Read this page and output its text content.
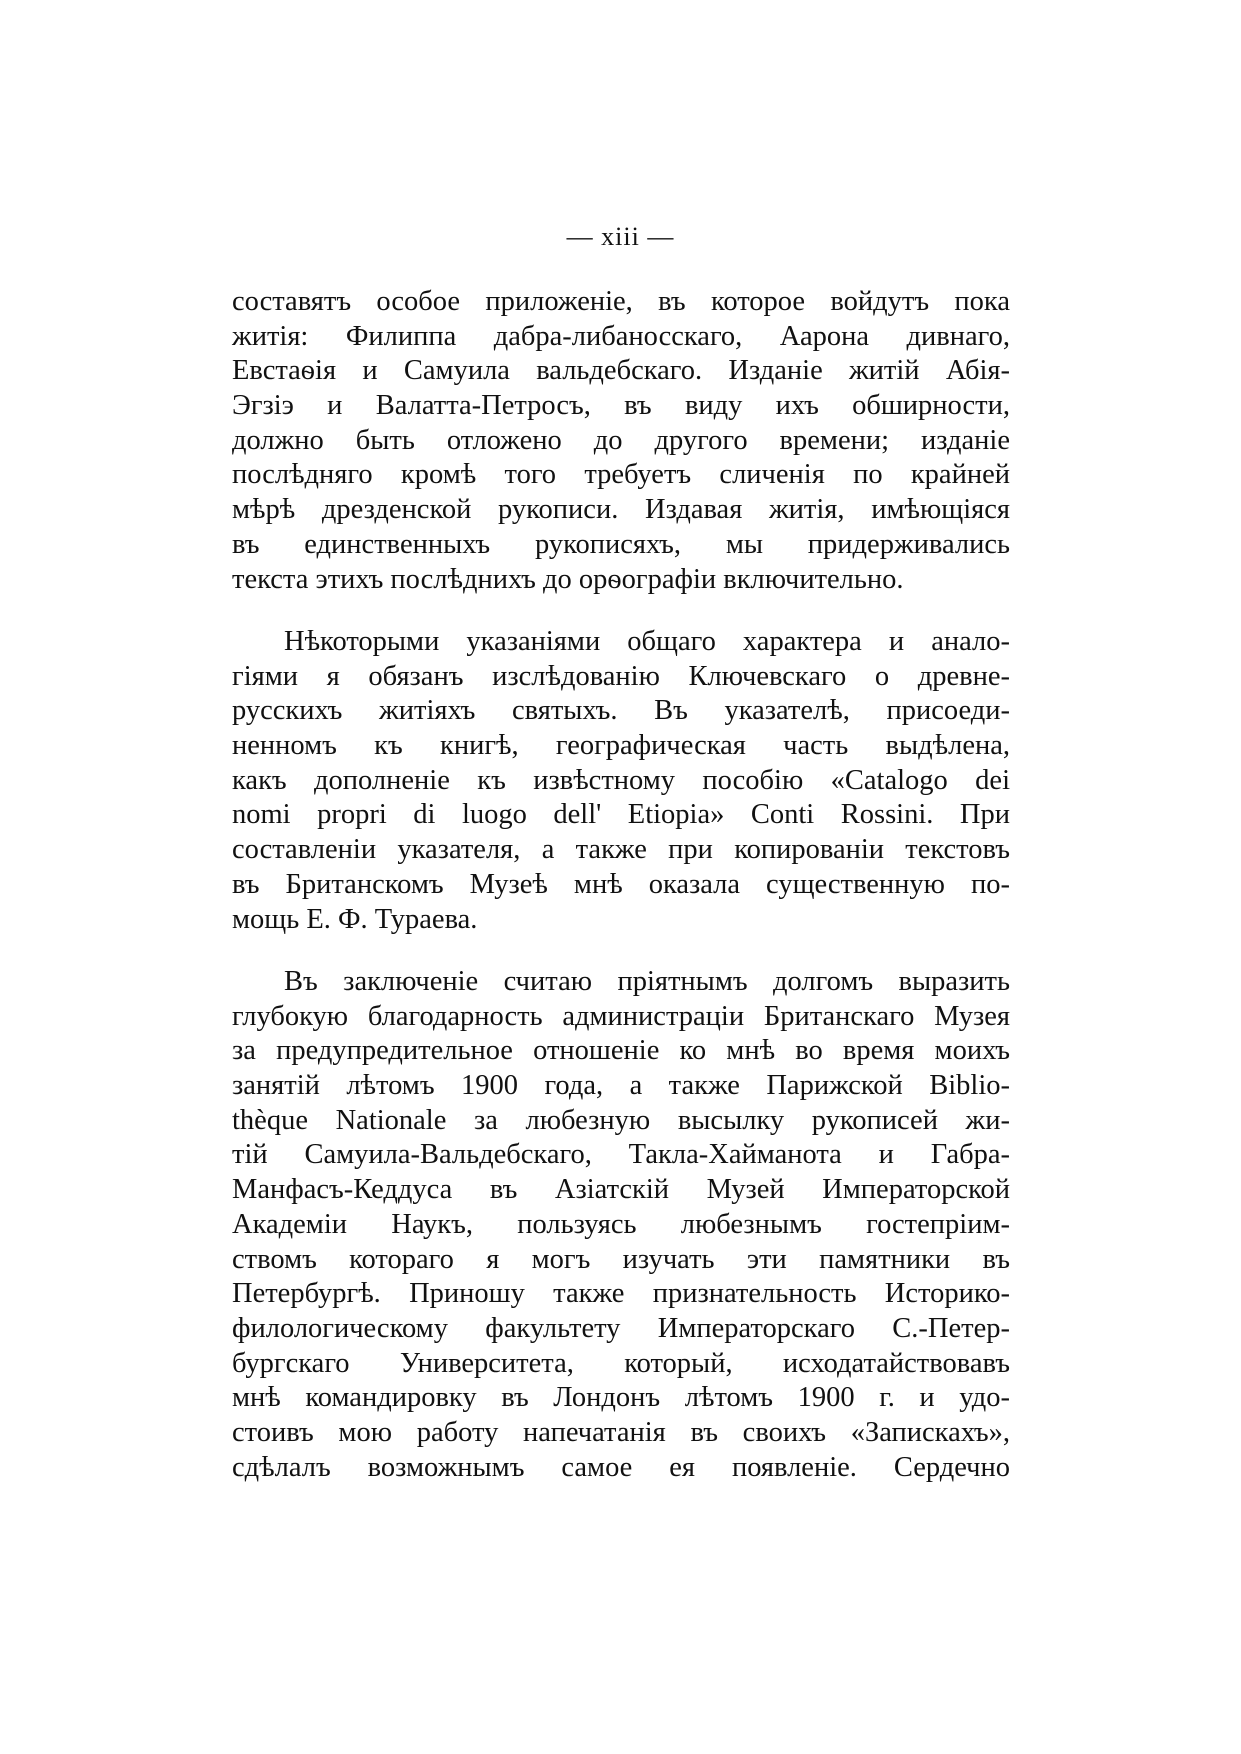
— xiii —
составятъ особое приложеніе, въ которое войдутъ пока
житія: Филиппа дабра-либаносскаго, Аарона дивнаго,
Евстаѳія и Самуила вальдебскаго. Изданіе житій Абія-
Эгзіэ и Валатта-Петросъ, въ виду ихъ обширности,
должно быть отложено до другого времени; изданіе
послѣдняго кромѣ того требуетъ сличенія по крайней
мѣрѣ дрезденской рукописи. Издавая житія, имѣющіяся
въ единственныхъ рукописяхъ, мы придерживались
текста этихъ послѣднихъ до орѳографіи включительно.
Нѣкоторыми указаніями общаго характера и анало-
гіями я обязанъ изслѣдованію Ключевскаго о древне-
русскихъ житіяхъ святыхъ. Въ указателѣ, присоеди-
ненномъ къ книгѣ, географическая часть выдѣлена,
какъ дополненіе къ извѣстному пособію «Catalogo dei
nomi propri di luogo dell' Etiopia» Conti Rossini. При
составленіи указателя, а также при копированіи текстовъ
въ Британскомъ Музеѣ мнѣ оказала существенную по-
мощь Е. Ф. Тураева.
Въ заключеніе считаю пріятнымъ долгомъ выразить
глубокую благодарность администраціи Британскаго Музея
за предупредительное отношеніе ко мнѣ во время моихъ
занятій лѣтомъ 1900 года, а также Парижской Biblio-
thèque Nationale за любезную высылку рукописей жи-
тій Самуила-Вальдебскаго, Такла-Хайманота и Габра-
Манфасъ-Кеддуса въ Азіатскій Музей Императорской
Академіи Наукъ, пользуясь любезнымъ гостепріим-
ствомъ котораго я могъ изучать эти памятники въ
Петербургѣ. Приношу также признательность Историко-
филологическому факультету Императорскаго С.-Петер-
бургскаго Университета, который, исходатайствовавъ
мнѣ командировку въ Лондонъ лѣтомъ 1900 г. и удо-
стоивъ мою работу напечатанія въ своихъ «Запискахъ»,
сдѣлалъ возможнымъ самое ея появленіе. Сердечно
